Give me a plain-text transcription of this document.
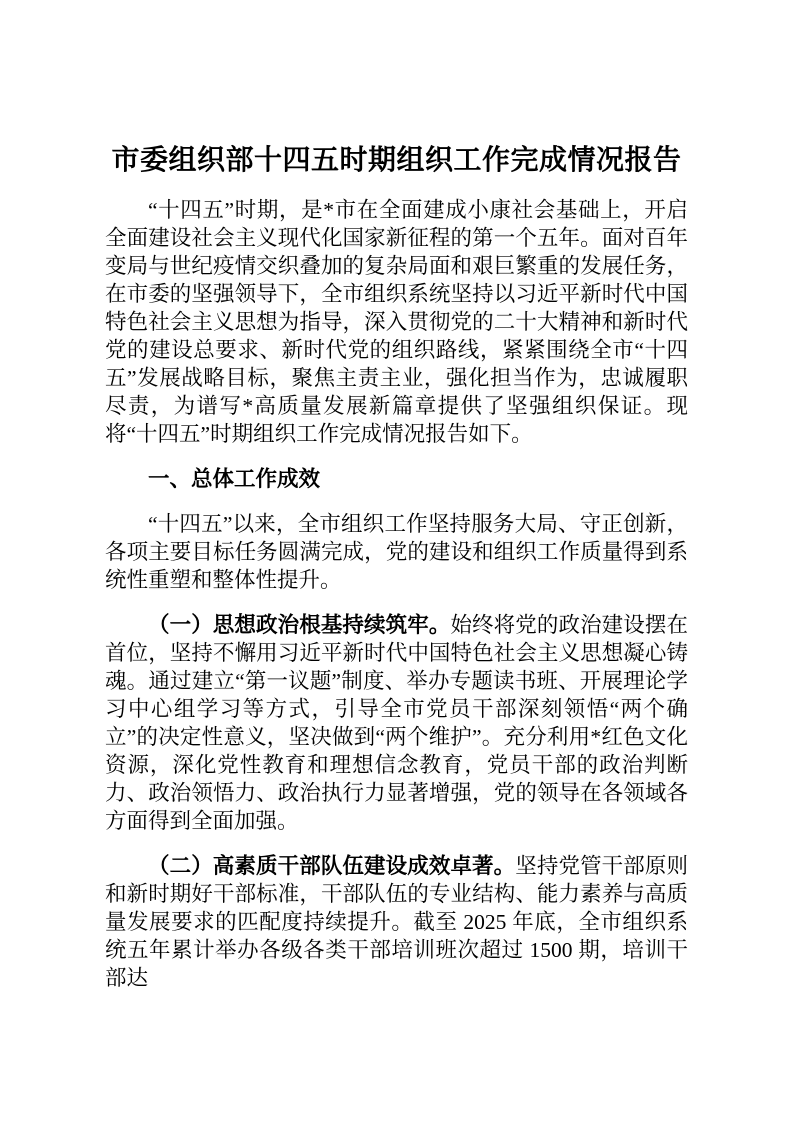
市委组织部十四五时期组织工作完成情况报告

“十四五”时期，是*市在全面建成小康社会基础上，开启全面建设社会主义现代化国家新征程的第一个五年。面对百年变局与世纪疫情交织叠加的复杂局面和艰巨繁重的发展任务，在市委的坚强领导下，全市组织系统坚持以习近平新时代中国特色社会主义思想为指导，深入贯彻党的二十大精神和新时代党的建设总要求、新时代党的组织路线，紧紧围绕全市“十四五”发展战略目标，聚焦主责主业，强化担当作为，忠诚履职尽责，为谱写*高质量发展新篇章提供了坚强组织保证。现将“十四五”时期组织工作完成情况报告如下。

一、总体工作成效

“十四五”以来，全市组织工作坚持服务大局、守正创新，各项主要目标任务圆满完成，党的建设和组织工作质量得到系统性重塑和整体性提升。

（一）思想政治根基持续筑牢。始终将党的政治建设摆在首位，坚持不懈用习近平新时代中国特色社会主义思想凝心铸魂。通过建立“第一议题”制度、举办专题读书班、开展理论学习中心组学习等方式，引导全市党员干部深刻领悟“两个确立”的决定性意义，坚决做到“两个维护”。充分利用*红色文化资源，深化党性教育和理想信念教育，党员干部的政治判断力、政治领悟力、政治执行力显著增强，党的领导在各领域各方面得到全面加强。

（二）高素质干部队伍建设成效卓著。坚持党管干部原则和新时期好干部标准，干部队伍的专业结构、能力素养与高质量发展要求的匹配度持续提升。截至 2025 年底，全市组织系统五年累计举办各级各类干部培训班次超过 1500 期，培训干部达
